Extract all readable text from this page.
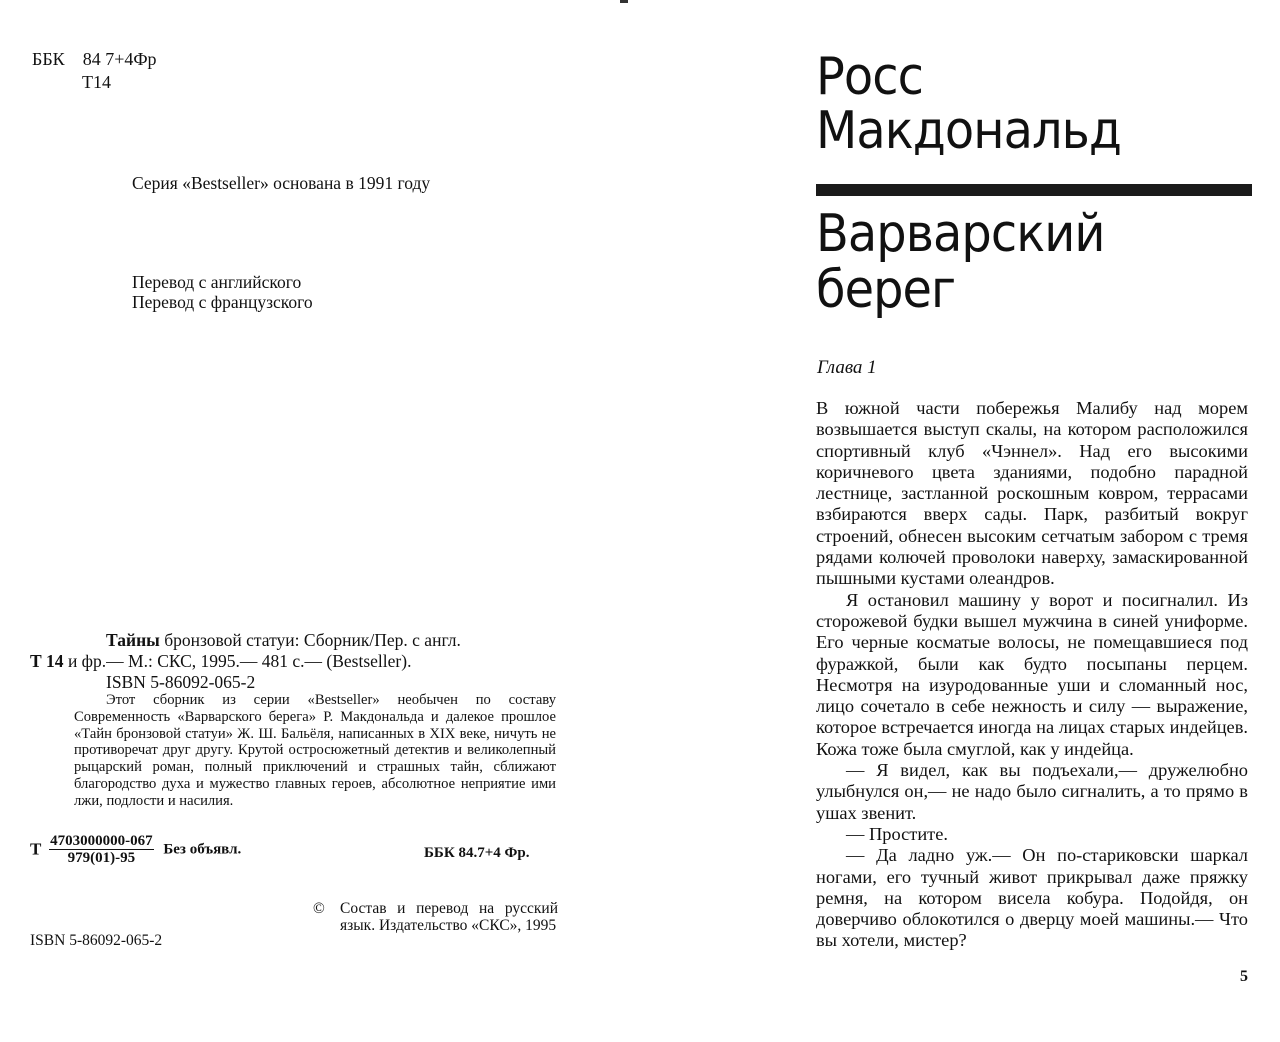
ББК 84 7+4Фр
Т14
Серия «Bestseller» основана в 1991 году
Перевод с английского
Перевод с французского
Тайны бронзовой статуи: Сборник/Пер. с англ.
Т 14 и фр.— М.: СКС, 1995.— 481 с.— (Bestseller).
ISBN 5-86092-065-2

Этот сборник из серии «Bestseller» необычен по составу Современность «Варварского берега» Р. Макдональда и далекое прошлое «Тайн бронзовой статуи» Ж. Ш. Бальёля, написанных в XIX веке, ничуть не противоречат друг другу. Крутой остросюжетный детектив и великолепный рыцарский роман, полный приключений и страшных тайн, сближают благородство духа и мужество главных героев, абсолютное неприятие ими лжи, подлости и насилия.

Т $\frac{4703000000-067}{979(01)-95}$ Без объявл.	ББК 84.7+4 Фр.
© Состав и перевод на русский язык. Издательство «СКС», 1995
ISBN 5-86092-065-2
Росс
Макдональд
Варварский
берег
Глава 1

В южной части побережья Малибу над морем возвышается выступ скалы, на котором расположился спортивный клуб «Чэннел». Над его высокими коричневого цвета зданиями, подобно парадной лестнице, застланной роскошным ковром, террасами взбираются вверх сады. Парк, разбитый вокруг строений, обнесен высоким сетчатым забором с тремя рядами колючей проволоки наверху, замаскированной пышными кустами олеандров.

Я остановил машину у ворот и посигналил. Из сторожевой будки вышел мужчина в синей униформе. Его черные косматые волосы, не помещавшиеся под фуражкой, были как будто посыпаны перцем. Несмотря на изуродованные уши и сломанный нос, лицо сочетало в себе нежность и силу — выражение, которое встречается иногда на лицах старых индейцев. Кожа тоже была смуглой, как у индейца.

— Я видел, как вы подъехали,— дружелюбно улыбнулся он,— не надо было сигналить, а то прямо в ушах звенит.

— Простите.

— Да ладно уж.— Он по-стариковски шаркал ногами, его тучный живот прикрывал даже пряжку ремня, на котором висела кобура. Подойдя, он доверчиво облокотился о дверцу моей машины.— Что вы хотели, мистер?

5
